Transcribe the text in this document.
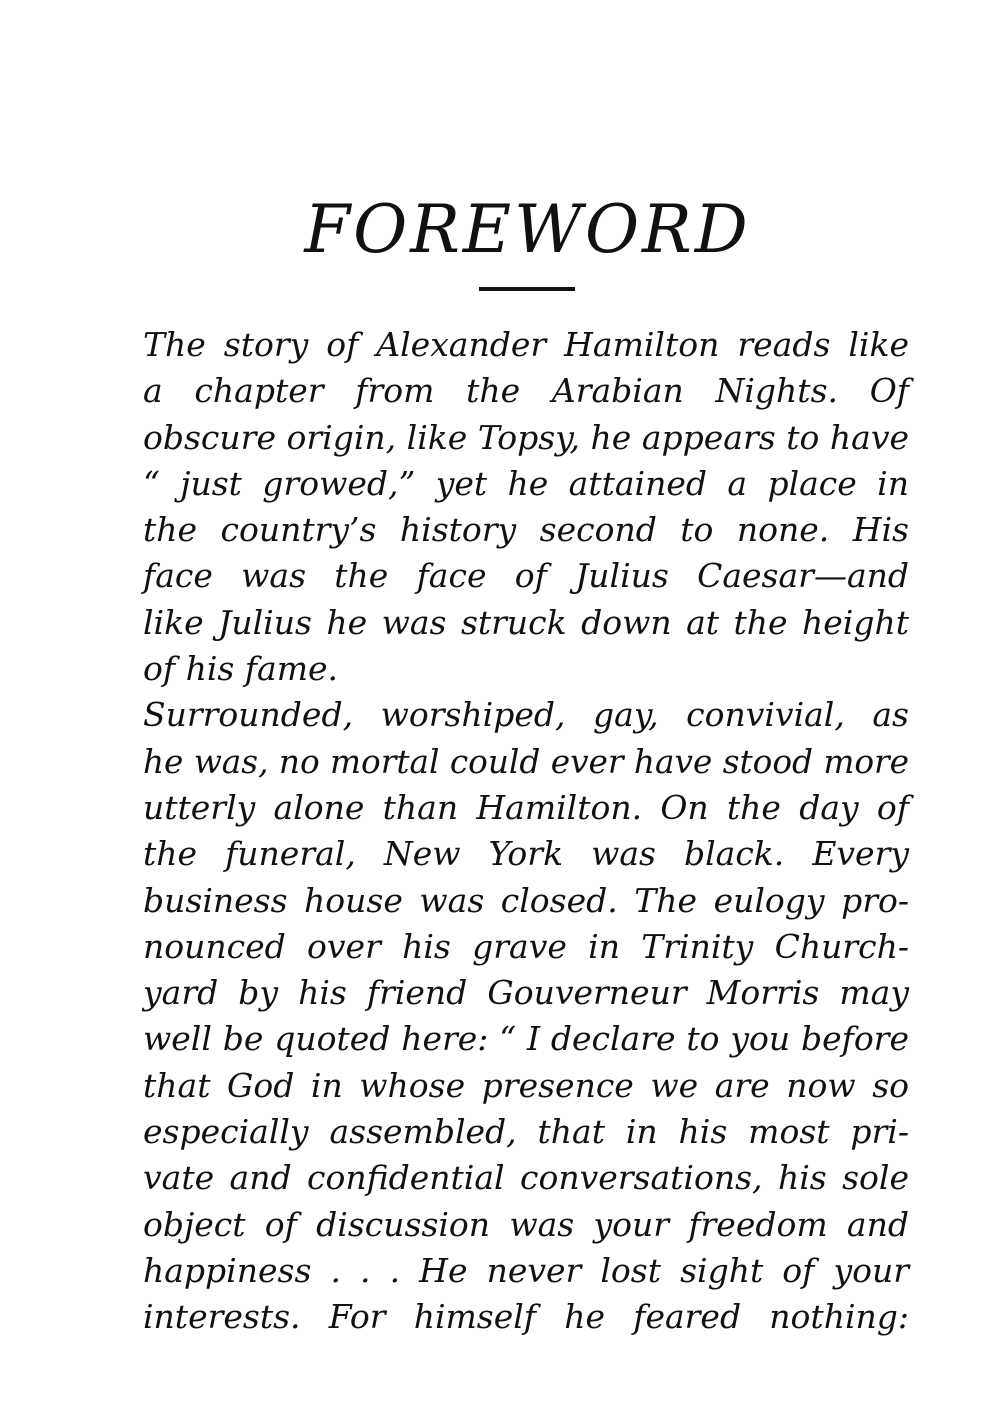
FOREWORD
The story of Alexander Hamilton reads like
a chapter from the Arabian Nights. Of
obscure origin, like Topsy, he appears to have
“ just growed,” yet he attained a place in
the country’s history second to none. His
face was the face of Julius Caesar—and
like Julius he was struck down at the height
of his fame.
Surrounded, worshiped, gay, convivial, as
he was, no mortal could ever have stood more
utterly alone than Hamilton. On the day of
the funeral, New York was black. Every
business house was closed. The eulogy pro-
nounced over his grave in Trinity Church-
yard by his friend Gouverneur Morris may
well be quoted here: “ I declare to you before
that God in whose presence we are now so
especially assembled, that in his most pri-
vate and confidential conversations, his sole
object of discussion was your freedom and
happiness . . . He never lost sight of your
interests. For himself he feared nothing:
